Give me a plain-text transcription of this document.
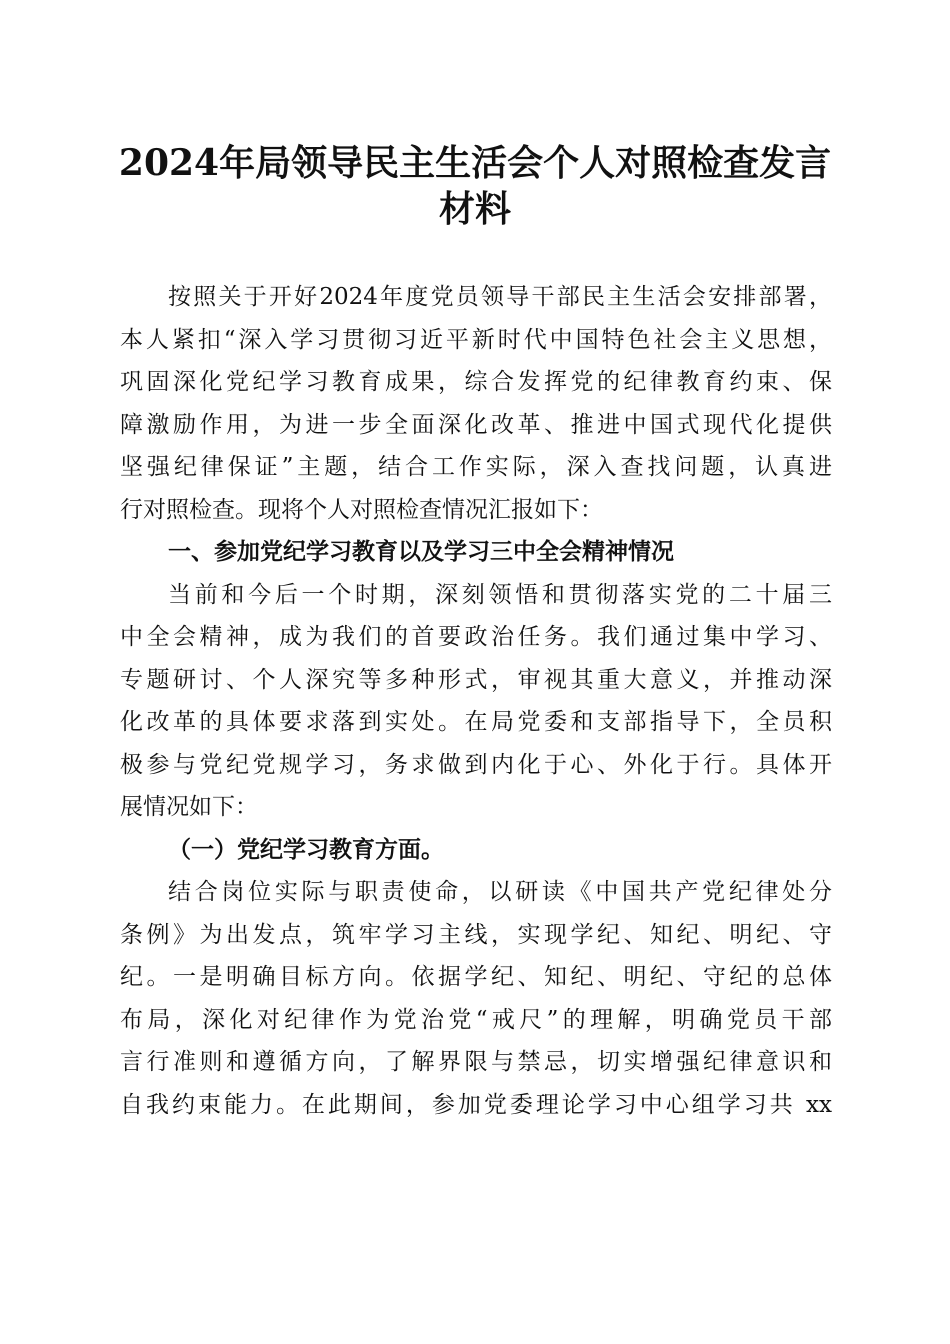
2024年局领导民主生活会个人对照检查发言
材料
按照关于开好2024年度党员领导干部民主生活会安排部署，
本人紧扣“深入学习贯彻习近平新时代中国特色社会主义思想，
巩固深化党纪学习教育成果，综合发挥党的纪律教育约束、保
障激励作用，为进一步全面深化改革、推进中国式现代化提供
坚强纪律保证”主题，结合工作实际，深入查找问题，认真进
行对照检查。现将个人对照检查情况汇报如下：
一、参加党纪学习教育以及学习三中全会精神情况
当前和今后一个时期，深刻领悟和贯彻落实党的二十届三
中全会精神，成为我们的首要政治任务。我们通过集中学习、
专题研讨、个人深究等多种形式，审视其重大意义，并推动深
化改革的具体要求落到实处。在局党委和支部指导下，全员积
极参与党纪党规学习，务求做到内化于心、外化于行。具体开
展情况如下：
（一）党纪学习教育方面。
结合岗位实际与职责使命，以研读《中国共产党纪律处分
条例》为出发点，筑牢学习主线，实现学纪、知纪、明纪、守
纪。一是明确目标方向。依据学纪、知纪、明纪、守纪的总体
布局，深化对纪律作为党治党“戒尺”的理解，明确党员干部
言行准则和遵循方向，了解界限与禁忌，切实增强纪律意识和
自我约束能力。在此期间，参加党委理论学习中心组学习共 xx
